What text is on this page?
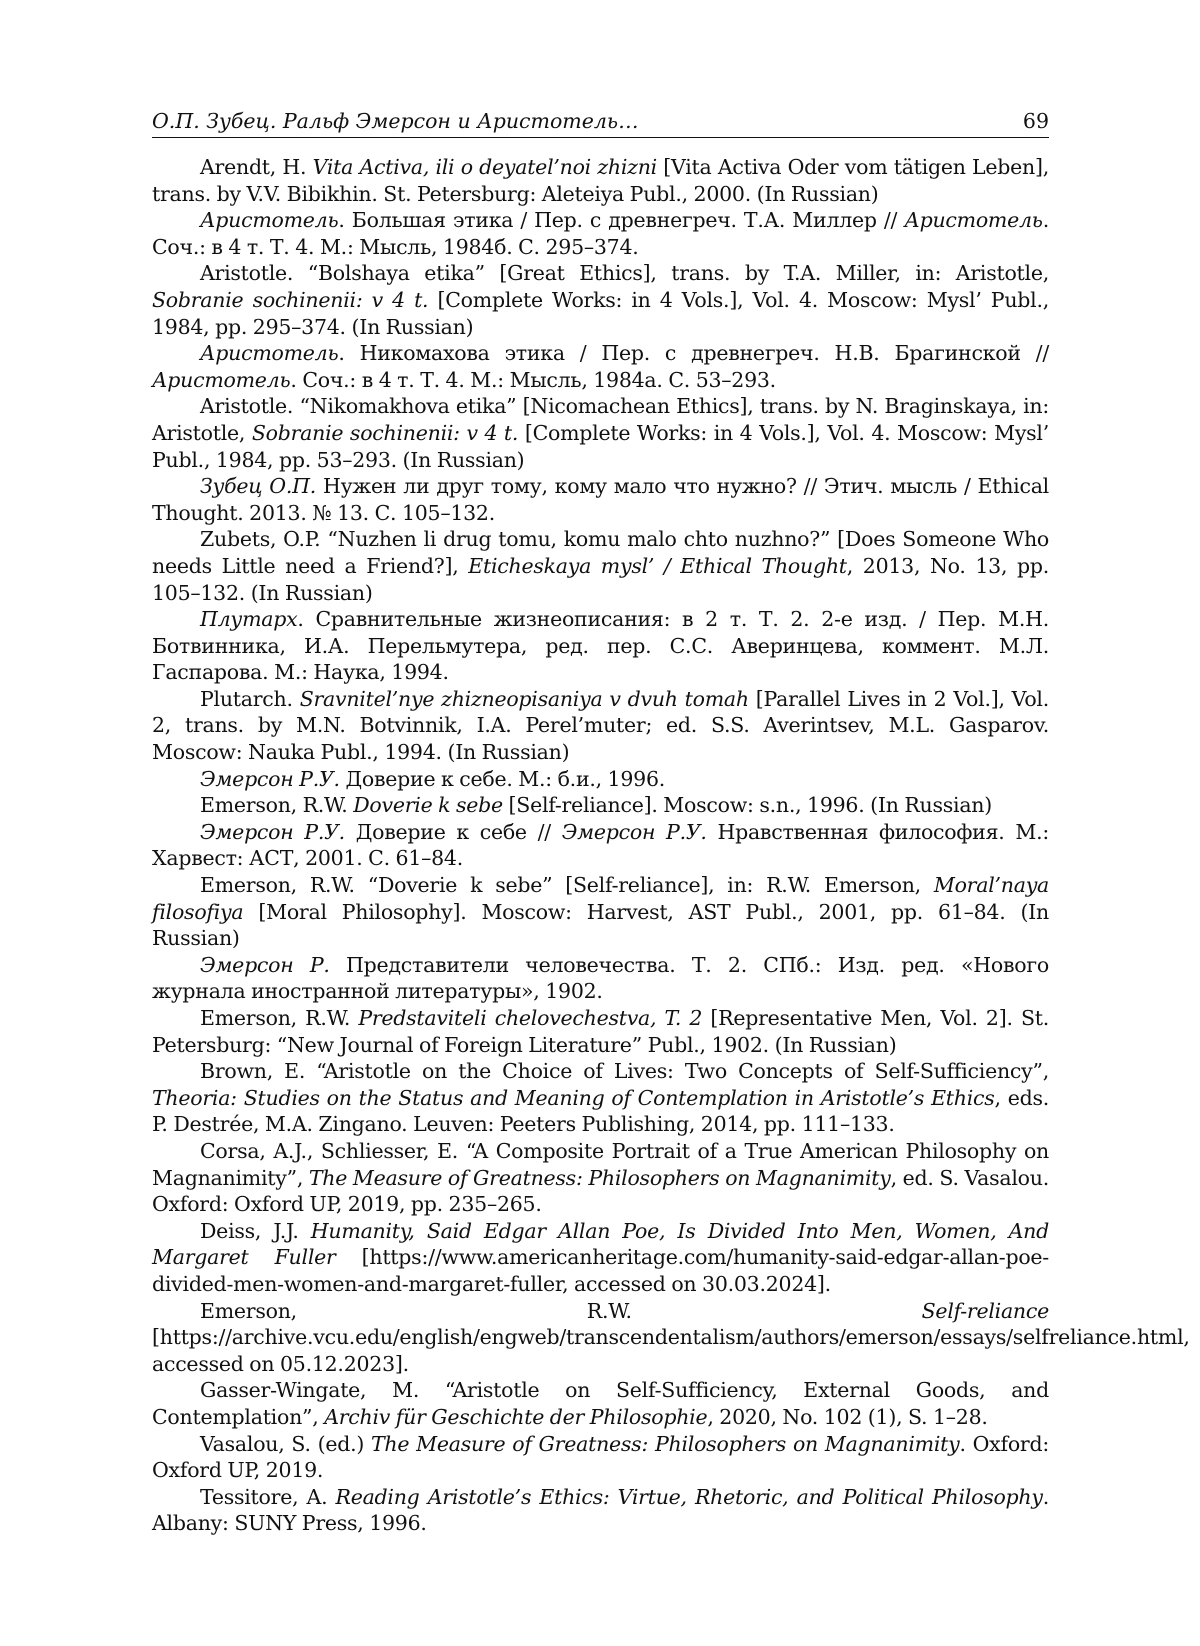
О.П. Зубец. Ральф Эмерсон и Аристотель…	69

Arendt, H. Vita Activa, ili o deyatel’noi zhizni [Vita Activa Oder vom tätigen Leben], trans. by V.V. Bibikhin. St. Petersburg: Aleteiya Publ., 2000. (In Russian)

Аристотель. Большая этика / Пер. с древнегреч. Т.А. Миллер // Аристотель. Соч.: в 4 т. Т. 4. М.: Мысль, 1984б. С. 295–374.

Aristotle. “Bolshaya etika” [Great Ethics], trans. by T.A. Miller, in: Aristotle, Sobranie sochinenii: v 4 t. [Complete Works: in 4 Vols.], Vol. 4. Moscow: Mysl’ Publ., 1984, pp. 295–374. (In Russian)

Аристотель. Никомахова этика / Пер. с древнегреч. Н.В. Брагинской // Аристотель. Соч.: в 4 т. Т. 4. М.: Мысль, 1984а. С. 53–293.

Aristotle. “Nikomakhova etika” [Nicomachean Ethics], trans. by N. Braginskaya, in: Aristotle, Sobranie sochinenii: v 4 t. [Complete Works: in 4 Vols.], Vol. 4. Moscow: Mysl’ Publ., 1984, pp. 53–293. (In Russian)

Зубец О.П. Нужен ли друг тому, кому мало что нужно? // Этич. мысль / Ethical Thought. 2013. № 13. С. 105–132.

Zubets, O.P. “Nuzhen li drug tomu, komu malo chto nuzhno?” [Does Someone Who needs Little need a Friend?], Eticheskaya mysl’ / Ethical Thought, 2013, No. 13, pp. 105–132. (In Russian)

Плутарх. Сравнительные жизнеописания: в 2 т. Т. 2. 2-е изд. / Пер. М.Н. Ботвинника, И.А. Перельмутера, ред. пер. С.С. Аверинцева, коммент. М.Л. Гаспарова. М.: Наука, 1994.

Plutarch. Sravnitel’nye zhizneopisaniya v dvuh tomah [Parallel Lives in 2 Vol.], Vol. 2, trans. by M.N. Botvinnik, I.A. Perel’muter; ed. S.S. Averintsev, M.L. Gasparov. Moscow: Nauka Publ., 1994. (In Russian)

Эмерсон Р.У. Доверие к себе. М.: б.и., 1996.

Emerson, R.W. Doverie k sebe [Self-reliance]. Moscow: s.n., 1996. (In Russian)

Эмерсон Р.У. Доверие к себе // Эмерсон Р.У. Нравственная философия. М.: Харвест: АСТ, 2001. С. 61–84.

Emerson, R.W. “Doverie k sebe” [Self-reliance], in: R.W. Emerson, Moral’naya filosofiya [Moral Philosophy]. Moscow: Harvest, AST Publ., 2001, pp. 61–84. (In Russian)

Эмерсон Р. Представители человечества. Т. 2. СПб.: Изд. ред. «Нового журнала иностранной литературы», 1902.

Emerson, R.W. Predstaviteli chelovechestva, T. 2 [Representative Men, Vol. 2]. St. Petersburg: “New Journal of Foreign Literature” Publ., 1902. (In Russian)

Brown, E. “Aristotle on the Choice of Lives: Two Concepts of Self-Sufficiency”, Theoria: Studies on the Status and Meaning of Contemplation in Aristotle’s Ethics, eds. P. Destrée, M.A. Zingano. Leuven: Peeters Publishing, 2014, pp. 111–133.

Corsa, A.J., Schliesser, E. “A Composite Portrait of a True American Philosophy on Magnanimity”, The Measure of Greatness: Philosophers on Magnanimity, ed. S. Vasalou. Oxford: Oxford UP, 2019, pp. 235–265.

Deiss, J.J. Humanity, Said Edgar Allan Poe, Is Divided Into Men, Women, And Margaret Fuller [https://www.americanheritage.com/humanity-said-edgar-allan-poe-divided-men-women-and-margaret-fuller, accessed on 30.03.2024].

Emerson, R.W. Self-reliance [https://archive.vcu.edu/english/engweb/transcendentalism/authors/emerson/essays/selfreliance.html, accessed on 05.12.2023].

Gasser-Wingate, M. “Aristotle on Self-Sufficiency, External Goods, and Contemplation”, Archiv für Geschichte der Philosophie, 2020, No. 102 (1), S. 1–28.

Vasalou, S. (ed.) The Measure of Greatness: Philosophers on Magnanimity. Oxford: Oxford UP, 2019.

Tessitore, A. Reading Aristotle’s Ethics: Virtue, Rhetoric, and Political Philosophy. Albany: SUNY Press, 1996.
